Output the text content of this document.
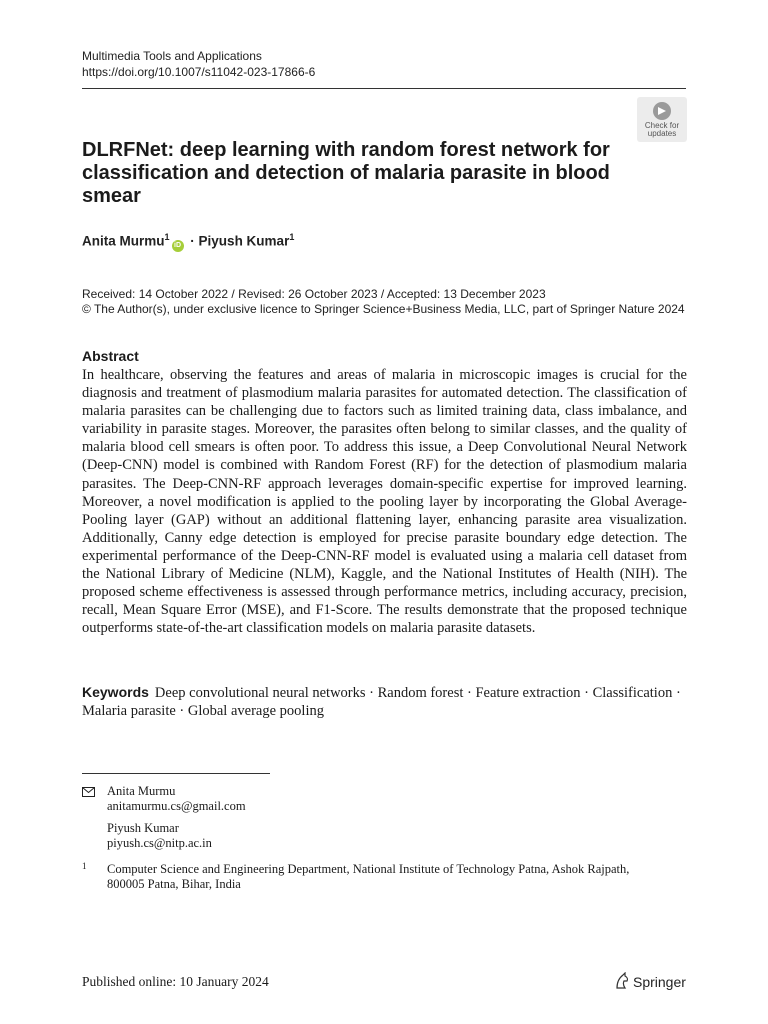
Multimedia Tools and Applications
https://doi.org/10.1007/s11042-023-17866-6
Check for
updates
DLRFNet: deep learning with random forest network for classification and detection of malaria parasite in blood smear
Anita Murmu$^1$iD · Piyush Kumar$^1$
Received: 14 October 2022 / Revised: 26 October 2023 / Accepted: 13 December 2023
© The Author(s), under exclusive licence to Springer Science+Business Media, LLC, part of Springer Nature 2024
Abstract
In healthcare, observing the features and areas of malaria in microscopic images is crucial for the diagnosis and treatment of plasmodium malaria parasites for automated detection. The classification of malaria parasites can be challenging due to factors such as limited training data, class imbalance, and variability in parasite stages. Moreover, the parasites often belong to similar classes, and the quality of malaria blood cell smears is often poor. To address this issue, a Deep Convolutional Neural Network (Deep-CNN) model is combined with Random Forest (RF) for the detection of plasmodium malaria parasites. The Deep-CNN-RF approach leverages domain-specific expertise for improved learning. Moreover, a novel modification is applied to the pooling layer by incorporating the Global Average-Pooling layer (GAP) without an additional flattening layer, enhancing parasite area visualization. Additionally, Canny edge detection is employed for precise parasite boundary edge detection. The experimental performance of the Deep-CNN-RF model is evaluated using a malaria cell dataset from the National Library of Medicine (NLM), Kaggle, and the National Institutes of Health (NIH). The proposed scheme effectiveness is assessed through performance metrics, including accuracy, precision, recall, Mean Square Error (MSE), and F1-Score. The results demonstrate that the proposed technique outperforms state-of-the-art classification models on malaria parasite datasets.
Keywords Deep convolutional neural networks · Random forest · Feature extraction · Classification · Malaria parasite · Global average pooling
Anita Murmu
anitamurmu.cs@gmail.com
Piyush Kumar
piyush.cs@nitp.ac.in
1 Computer Science and Engineering Department, National Institute of Technology Patna, Ashok Rajpath, 800005 Patna, Bihar, India
Published online: 10 January 2024	Springer
